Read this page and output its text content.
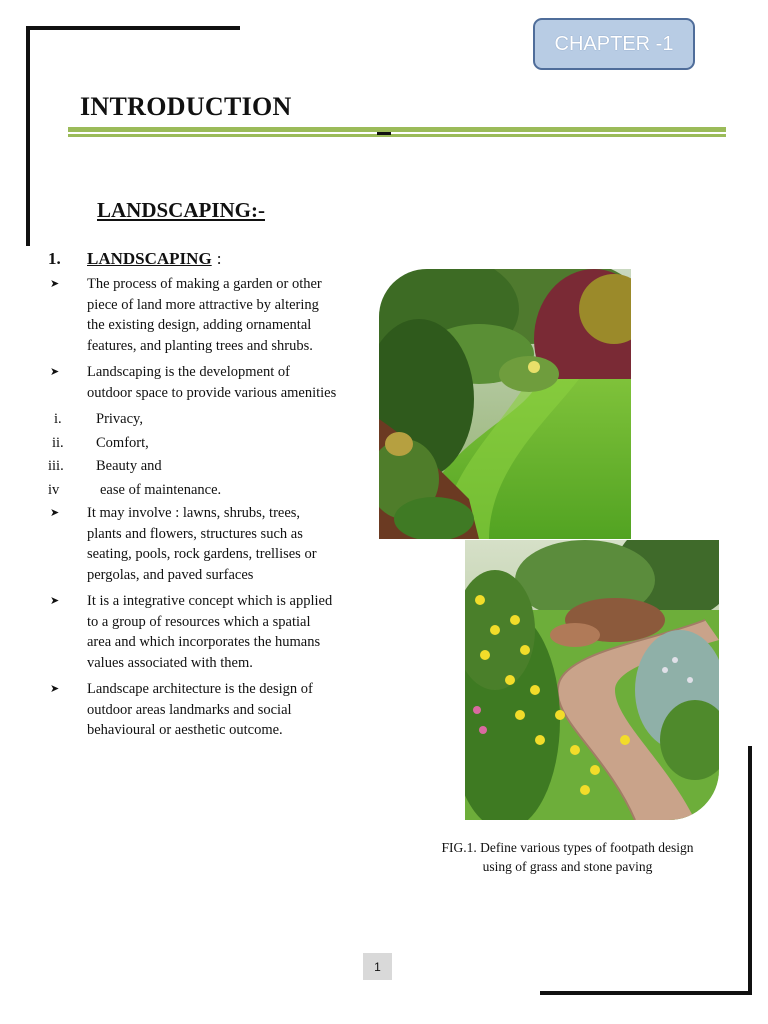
CHAPTER -1
INTRODUCTION
LANDSCAPING:-
1.	LANDSCAPING :
➤	The process of making a garden or other piece of land more attractive by altering the existing design, adding ornamental features, and planting trees and shrubs.
➤	Landscaping is the development of outdoor space to provide various amenities
i.	Privacy,
ii.	Comfort,
iii.	Beauty and
iv	ease of maintenance.
➤	It may involve : lawns, shrubs, trees, plants and flowers, structures such as seating, pools, rock gardens, trellises or pergolas, and paved surfaces
➤	It is a integrative concept which is applied to a group of resources which a spatial area and which incorporates the humans values associated with them.
➤	Landscape architecture is the design of outdoor areas landmarks and social behavioural or aesthetic outcome.
FIG.1. Define various types of footpath design
using of grass and stone paving
1
